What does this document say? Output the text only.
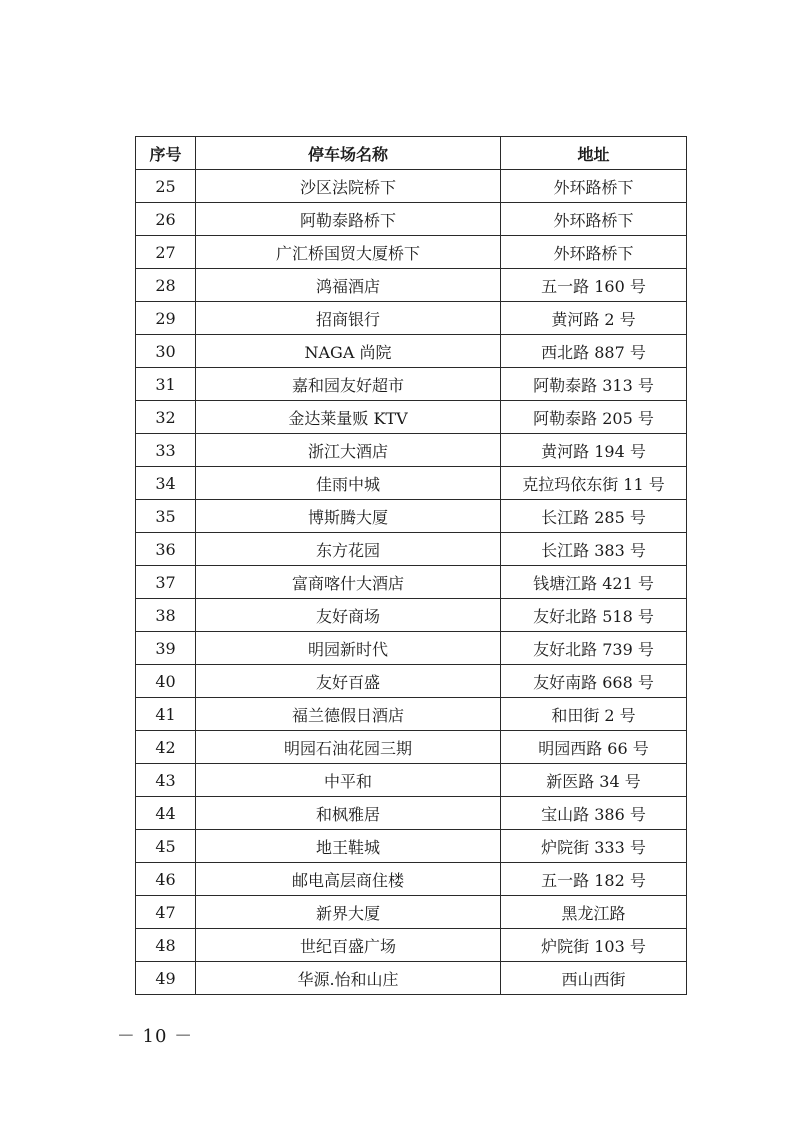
序号	停车场名称	地址
25	沙区法院桥下	外环路桥下
26	阿勒泰路桥下	外环路桥下
27	广汇桥国贸大厦桥下	外环路桥下
28	鸿福酒店	五一路 160 号
29	招商银行	黄河路 2 号
30	NAGA 尚院	西北路 887 号
31	嘉和园友好超市	阿勒泰路 313 号
32	金达莱量贩 KTV	阿勒泰路 205 号
33	浙江大酒店	黄河路 194 号
34	佳雨中城	克拉玛依东街 11 号
35	博斯腾大厦	长江路 285 号
36	东方花园	长江路 383 号
37	富商喀什大酒店	钱塘江路 421 号
38	友好商场	友好北路 518 号
39	明园新时代	友好北路 739 号
40	友好百盛	友好南路 668 号
41	福兰德假日酒店	和田街 2 号
42	明园石油花园三期	明园西路 66 号
43	中平和	新医路 34 号
44	和枫雅居	宝山路 386 号
45	地王鞋城	炉院街 333 号
46	邮电高层商住楼	五一路 182 号
47	新界大厦	黑龙江路
48	世纪百盛广场	炉院街 103 号
49	华源.怡和山庄	西山西街
－ 10 －
